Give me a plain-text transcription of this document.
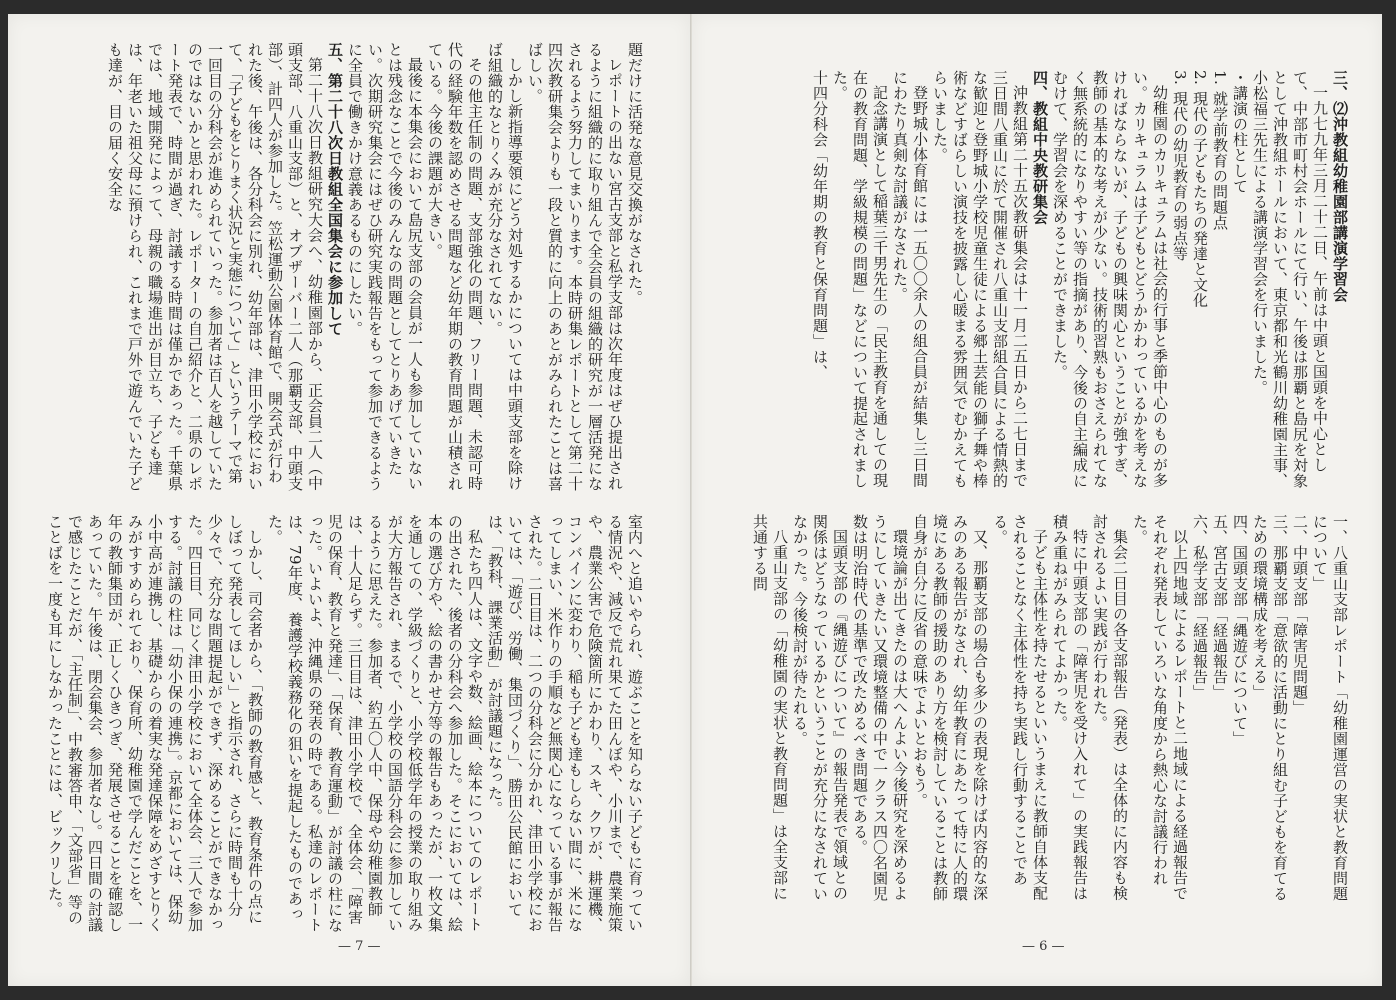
題だけに活発な意見交換がなされた。

レポートの出ない宮古支部と私学支部は次年度はぜひ提出されるように組織的に取り組んで全会員の組織的研究が一層活発になされるよう努力してまいります。本時研集レポートとして第二十四次教研集会よりも一段と質的に向上のあとがみられたことは喜ばしい。

しかし新指導要領にどう対処するかについては中頭支部を除けば組織的なとりくみが充分なされてない。

その他主任制の問題、支部強化の問題、フリー問題、未認可時代の経験年数を認めさせる問題など幼年期の教育問題が山積されている。今後の課題が大きい。

最後に本集会において島尻支部の会員が一人も参加していないとは残念なことで今後のみんなの問題としてとりあげていきたい。次期研究集会にはぜひ研究実践報告をもって参加できるように全員で働きかけ意義あるものにしたい。

五、第二十八次日教組全国集会に参加して

第二十八次日教組研究大会へ、幼稚園部から、正会員二人（中頭支部、八重山支部）と、オブザーバー二人（那覇支部、中頭支部）、計四人が参加した。笠松運動公園体育館で、開会式が行われた後、午後は、各分科会に別れ、幼年部は、津田小学校において、「子どもをとりまく状況と実態について」というテーマで第一回目の分科会が進められていった。参加者は百人を越していたのではないかと思われた。レポーターの自己紹介と、二県のレポート発表で、時間が過ぎ、討議する時間は僅かであった。千葉県では、地域開発によって、母親の職場進出が目立ち、子ども達は、年老いた祖父母に預けられ、これまで戸外で遊んでいた子ども達が、目の届く安全な

室内へと追いやられ、遊ぶことを知らない子どもに育っている情況や、減反で荒れ果てた田んぼや、小川まで、農業施策や、農業公害で危険箇所にかわり、スキ、クワが、耕運機、コンバインに変わり、稲も子ども達もしらない間に、米になってしまい、米作りの手順など無関心になっている事が報告された。二日目は、二つの分科会に分かれ、津田小学校においては、「遊び、労働、集団づくり」、勝田公民館においては、「教科、課業活動」が討議題になった。

私たち四人は、文字や数、絵画、絵本についてのレポートの出された、後者の分科会へ参加した。そこにおいては、絵本の選び方や、絵の書かせ方等の報告もあったが、一枚文集を通しての、学級づくりと、小学校低学年の授業の取り組みが大方報告され、まるで、小学校の国語分科会に参加しているように思えた。参加者、約五〇人中、保母や幼稚園教師は、十人足らず。三日目は、津田小学校で、全体会、「障害児の保育、教育と発達」、「保育、教育運動」が討議の柱になった。いよいよ、沖縄県の発表の時である。私達のレポートは、79年度、養護学校義務化の狙いを提起したものであった。

しかし、司会者から、「教師の教育感と、教育条件の点にしぼって発表してほしい」と指示され、さらに時間も十分少々で、充分な問題提起ができず、深めることができなかった。四日目、同じく津田小学校において全体会、三人で参加する。討議の柱は「幼小保の連携」。京都においては、保幼小中高が連携し、基礎からの着実な発達保障をめざすとりくみがすすめられており、保育所、幼稚園で学んだことを、一年の教師集団が、正しくひきつぎ、発展させることを確認しあっていた。午後は、閉会集会、参加者なし。四日間の討議で感じたことだが、「主任制」、中教審答申、「文部省」等のことばを一度も耳にしなかったことには、ビックリした。

— 7 —

三、⑵沖教組幼稚園部講演学習会

一九七九年三月二十二日、午前は中頭と国頭を中心として、中部市町村会ホールにて行い、午後は那覇と島尻を対象として沖教組ホールにおいて、東京都和光鶴川幼稚園主事、小松福三先生による講演学習会を行いました。

・講演の柱として

1. 就学前教育の問題点

2. 現代の子どもたちの発達と文化

3. 現代の幼児教育の弱点等

幼稚園のカリキュラムは社会的行事と季節中心のものが多い。カリキュラムは子どもとどうかかわっているかを考えなければならないが、子どもの興味関心ということが強すぎ、教師の基本的な考えが少ない。技術的習熟もおさえられてなく無系統的になりやすい等の指摘があり、今後の自主編成にむけて、学習会を深めることができました。

四、教組中央教研集会

沖教組第二十五次教研集会は十一月二五日から二七日まで三日間八重山に於て開催され八重山支部組合員による情熱的な歓迎と登野城小学校児童生徒による郷土芸能の獅子舞や棒術などすばらしい演技を披露し心暖まる雰囲気でむかえてもらいました。

登野城小体育館には一五〇〇余人の組合員が結集し三日間にわたり真剣な討議がなされた。

記念講演として稲葉三千男先生の「民主教育を通しての現在の教育問題、学級規模の問題」などについて提起されました。

十四分科会「幼年期の教育と保育問題」は、

一、八重山支部レポート「幼稚園運営の実状と教育問題について」

二、中頭支部「障害児問題」

三、那覇支部「意欲的に活動にとり組む子どもを育てるための環境構成を考える」

四、国頭支部「縄遊びについて」

五、宮古支部「経過報告」

六、私学支部「経過報告」

以上四地域によるレポートと二地域による経過報告でそれぞれ発表していろいな角度から熱心な討議行われた。

集会二日目の各支部報告（発表）は全体的に内容も検討されるよい実践が行われた。

特に中頭支部の「障害児を受け入れて」の実践報告は積み重ねがみられてよかった。

子ども主体性を持たせるといいうまえに教師自体支配されることなく主体性を持ち実践し行動することである。

又、那覇支部の場合も多少の表現を除けば内容的な深みのある報告がなされ、幼年教育にあたって特に人的環境にある教師の援助のあり方を検討していることは教師自身が自分に反省の意味でよいとおもう。

環境論が出てきたのは大へんよい今後研究を深めるようにしていきたい又環境整備の中で一クラス四〇名園児数は明治時代の基準で改ためるべき問題である。

国頭支部の『縄遊びについて』の報告発表で領域との関係はどうなっているかということが充分になされていなかった。今後検討が待たれる。

八重山支部の「幼稚園の実状と教育問題」は全支部に共通する問

— 6 —
